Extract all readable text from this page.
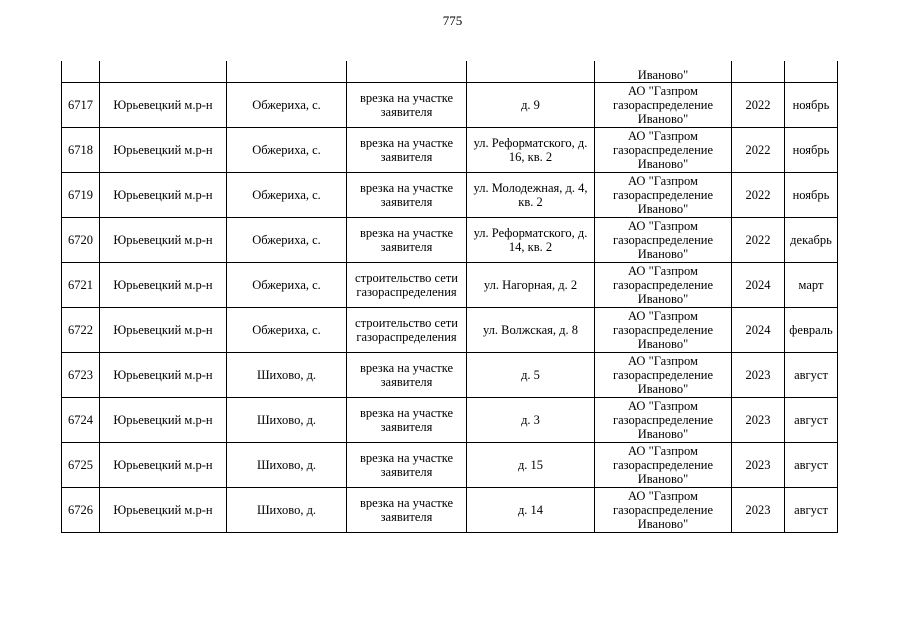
775
					Иваново"		
6717	Юрьевецкий м.р-н	Обжериха, с.	врезка на участке заявителя	д. 9	АО "Газпром газораспределение Иваново"	2022	ноябрь
6718	Юрьевецкий м.р-н	Обжериха, с.	врезка на участке заявителя	ул. Реформатского, д. 16, кв. 2	АО "Газпром газораспределение Иваново"	2022	ноябрь
6719	Юрьевецкий м.р-н	Обжериха, с.	врезка на участке заявителя	ул. Молодежная, д. 4, кв. 2	АО "Газпром газораспределение Иваново"	2022	ноябрь
6720	Юрьевецкий м.р-н	Обжериха, с.	врезка на участке заявителя	ул. Реформатского, д. 14, кв. 2	АО "Газпром газораспределение Иваново"	2022	декабрь
6721	Юрьевецкий м.р-н	Обжериха, с.	строительство сети газораспределения	ул. Нагорная, д. 2	АО "Газпром газораспределение Иваново"	2024	март
6722	Юрьевецкий м.р-н	Обжериха, с.	строительство сети газораспределения	ул. Волжская, д. 8	АО "Газпром газораспределение Иваново"	2024	февраль
6723	Юрьевецкий м.р-н	Шихово, д.	врезка на участке заявителя	д. 5	АО "Газпром газораспределение Иваново"	2023	август
6724	Юрьевецкий м.р-н	Шихово, д.	врезка на участке заявителя	д. 3	АО "Газпром газораспределение Иваново"	2023	август
6725	Юрьевецкий м.р-н	Шихово, д.	врезка на участке заявителя	д. 15	АО "Газпром газораспределение Иваново"	2023	август
6726	Юрьевецкий м.р-н	Шихово, д.	врезка на участке заявителя	д. 14	АО "Газпром газораспределение Иваново"	2023	август
